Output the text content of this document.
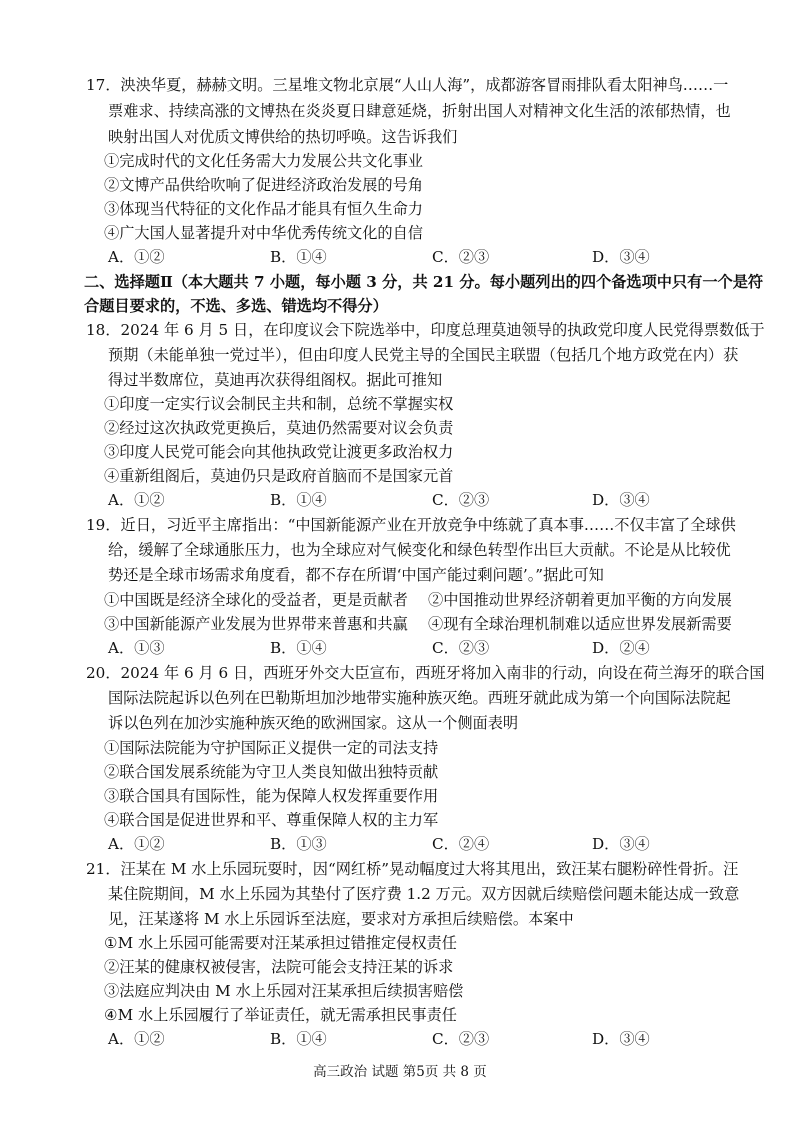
17．泱泱华夏，赫赫文明。三星堆文物北京展“人山人海”，成都游客冒雨排队看太阳神鸟……一
票难求、持续高涨的文博热在炎炎夏日肆意延烧，折射出国人对精神文化生活的浓郁热情，也
映射出国人对优质文博供给的热切呼唤。这告诉我们
①完成时代的文化任务需大力发展公共文化事业
②文博产品供给吹响了促进经济政治发展的号角
③体现当代特征的文化作品才能具有恒久生命力
④广大国人显著提升对中华优秀传统文化的自信
A．①②	B．①④	C．②③	D．③④
二、选择题Ⅱ（本大题共 7 小题，每小题 3 分，共 21 分。每小题列出的四个备选项中只有一个是符
合题目要求的，不选、多选、错选均不得分）
18．2024 年 6 月 5 日，在印度议会下院选举中，印度总理莫迪领导的执政党印度人民党得票数低于
预期（未能单独一党过半），但由印度人民党主导的全国民主联盟（包括几个地方政党在内）获
得过半数席位，莫迪再次获得组阁权。据此可推知
①印度一定实行议会制民主共和制，总统不掌握实权
②经过这次执政党更换后，莫迪仍然需要对议会负责
③印度人民党可能会向其他执政党让渡更多政治权力
④重新组阁后，莫迪仍只是政府首脑而不是国家元首
A．①②	B．①④	C．②③	D．③④
19．近日，习近平主席指出：“中国新能源产业在开放竞争中练就了真本事……不仅丰富了全球供
给，缓解了全球通胀压力，也为全球应对气候变化和绿色转型作出巨大贡献。不论是从比较优
势还是全球市场需求角度看，都不存在所谓‘中国产能过剩问题’。”据此可知
①中国既是经济全球化的受益者，更是贡献者 ②中国推动世界经济朝着更加平衡的方向发展
③中国新能源产业发展为世界带来普惠和共赢 ④现有全球治理机制难以适应世界发展新需要
A．①③	B．①④	C．②③	D．②④
20．2024 年 6 月 6 日，西班牙外交大臣宣布，西班牙将加入南非的行动，向设在荷兰海牙的联合国
国际法院起诉以色列在巴勒斯坦加沙地带实施种族灭绝。西班牙就此成为第一个向国际法院起
诉以色列在加沙实施种族灭绝的欧洲国家。这从一个侧面表明
①国际法院能为守护国际正义提供一定的司法支持
②联合国发展系统能为守卫人类良知做出独特贡献
③联合国具有国际性，能为保障人权发挥重要作用
④联合国是促进世界和平、尊重保障人权的主力军
A．①②	B．①③	C．②④	D．③④
21．汪某在 M 水上乐园玩耍时，因“网红桥”晃动幅度过大将其甩出，致汪某右腿粉碎性骨折。汪
某住院期间，M 水上乐园为其垫付了医疗费 1.2 万元。双方因就后续赔偿问题未能达成一致意
见，汪某遂将 M 水上乐园诉至法庭，要求对方承担后续赔偿。本案中
①M 水上乐园可能需要对汪某承担过错推定侵权责任
②汪某的健康权被侵害，法院可能会支持汪某的诉求
③法庭应判决由 M 水上乐园对汪某承担后续损害赔偿
④M 水上乐园履行了举证责任，就无需承担民事责任
A．①②	B．①④	C．②③	D．③④
高三政治 试题 第5页 共 8 页
